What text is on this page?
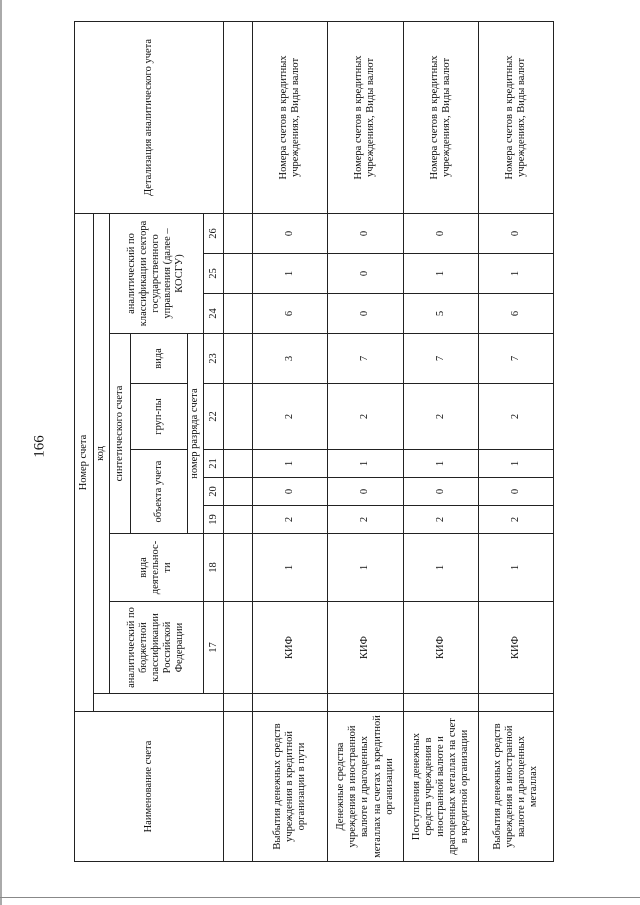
166
Наименование счета	Номер счета											Детализация аналитического учета
		код										
		аналитический по бюджетной классификации Российской Федерации	вида деятельнос-ти	синтетического счета					аналитический по классификации сектора государственного управления (далее – КОСГУ)			
				объекта учета			груп-пы	вида				
				номер разряда счета								
		17	18	19	20	21	22	23	24	25	26	

Выбытия денежных средств учреждения в кредитной организации в пути		КИФ	1	2	0	1	2	3	6	1	0	Номера счетов в кредитных учреждениях, Виды валют
Денежные средства учреждения в иностранной валюте и драгоценных металлах на счетах в кредитной организации		КИФ	1	2	0	1	2	7	0	0	0	Номера счетов в кредитных учреждениях, Виды валют
Поступления денежных средств учреждения в иностранной валюте и драгоценных металлах на счет в кредитной организации		КИФ	1	2	0	1	2	7	5	1	0	Номера счетов в кредитных учреждениях, Виды валют
Выбытия денежных средств учреждения в иностранной валюте и драгоценных металлах		КИФ	1	2	0	1	2	7	6	1	0	Номера счетов в кредитных учреждениях, Виды валют
